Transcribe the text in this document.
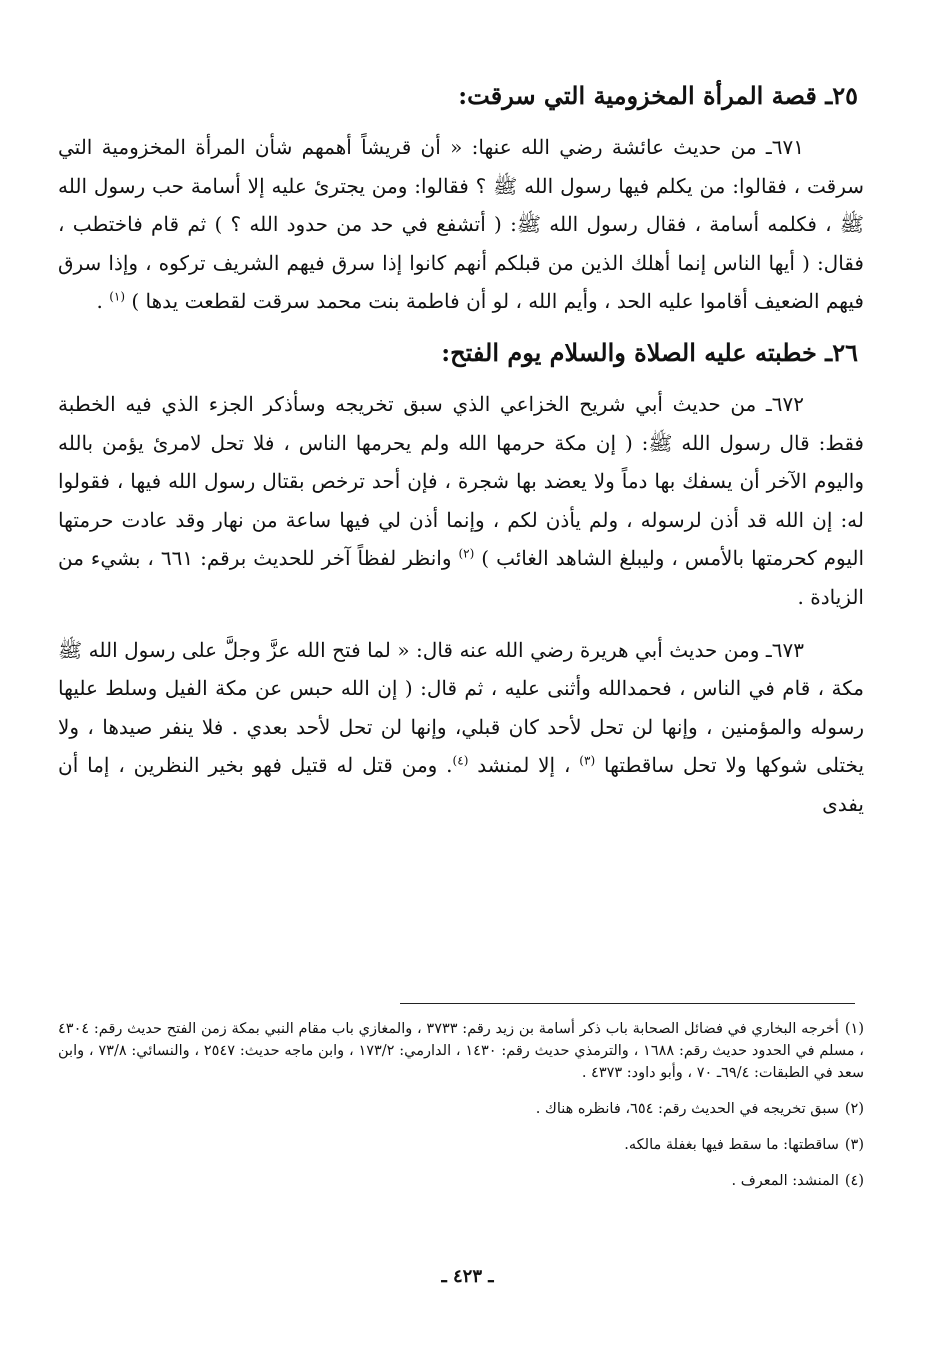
٢٥ـ قصة المرأة المخزومية التي سرقت:

٦٧١ـ من حديث عائشة رضي الله عنها: « أن قريشاً أهمهم شأن المرأة المخزومية التي سرقت ، فقالوا: من يكلم فيها رسول الله ﷺ ؟ فقالوا: ومن يجترئ عليه إلا أسامة حب رسول الله ﷺ ، فكلمه أسامة ، فقال رسول الله ﷺ: ( أتشفع في حد من حدود الله ؟ ) ثم قام فاختطب ، فقال: ( أيها الناس إنما أهلك الذين من قبلكم أنهم كانوا إذا سرق فيهم الشريف تركوه ، وإذا سرق فيهم الضعيف أقاموا عليه الحد ، وأيم الله ، لو أن فاطمة بنت محمد سرقت لقطعت يدها ) $^{(١)}$ .

٢٦ـ خطبته عليه الصلاة والسلام يوم الفتح:

٦٧٢ـ من حديث أبي شريح الخزاعي الذي سبق تخريجه وسأذكر الجزء الذي فيه الخطبة فقط: قال رسول الله ﷺ: ( إن مكة حرمها الله ولم يحرمها الناس ، فلا تحل لامرئ يؤمن بالله واليوم الآخر أن يسفك بها دماً ولا يعضد بها شجرة ، فإن أحد ترخص بقتال رسول الله فيها ، فقولوا له: إن الله قد أذن لرسوله ، ولم يأذن لكم ، وإنما أذن لي فيها ساعة من نهار وقد عادت حرمتها اليوم كحرمتها بالأمس ، وليبلغ الشاهد الغائب ) $^{(٢)}$ وانظر لفظاً آخر للحديث برقم: ٦٦١ ، بشيء من الزيادة .

٦٧٣ـ ومن حديث أبي هريرة رضي الله عنه قال: « لما فتح الله عزَّ وجلَّ على رسول الله ﷺ مكة ، قام في الناس ، فحمدالله وأثنى عليه ، ثم قال: ( إن الله حبس عن مكة الفيل وسلط عليها رسوله والمؤمنين ، وإنها لن تحل لأحد كان قبلي، وإنها لن تحل لأحد بعدي . فلا ينفر صيدها ، ولا يختلى شوكها ولا تحل ساقطتها $^{(٣)}$ ، إلا لمنشد $^{(٤)}$. ومن قتل له قتيل فهو بخير النظرين ، إما أن يفدى

(١)أخرجه البخاري في فضائل الصحابة باب ذكر أسامة بن زيد رقم: ٣٧٣٣ ، والمغازي باب مقام النبي بمكة زمن الفتح حديث رقم: ٤٣٠٤ ، مسلم في الحدود حديث رقم: ١٦٨٨ ، والترمذي حديث رقم: ١٤٣٠ ، الدارمي: ١٧٣/٢ ، وابن ماجه حديث: ٢٥٤٧ ، والنسائي: ٧٣/٨ ، وابن سعد في الطبقات: ٦٩/٤ـ ٧٠ ، وأبو داود: ٤٣٧٣ .

(٢)سبق تخريجه في الحديث رقم: ٦٥٤، فانظره هناك .

(٣)ساقطتها: ما سقط فيها بغفلة مالكه.

(٤)المنشد: المعرف .

ـ ٤٢٣ ـ
